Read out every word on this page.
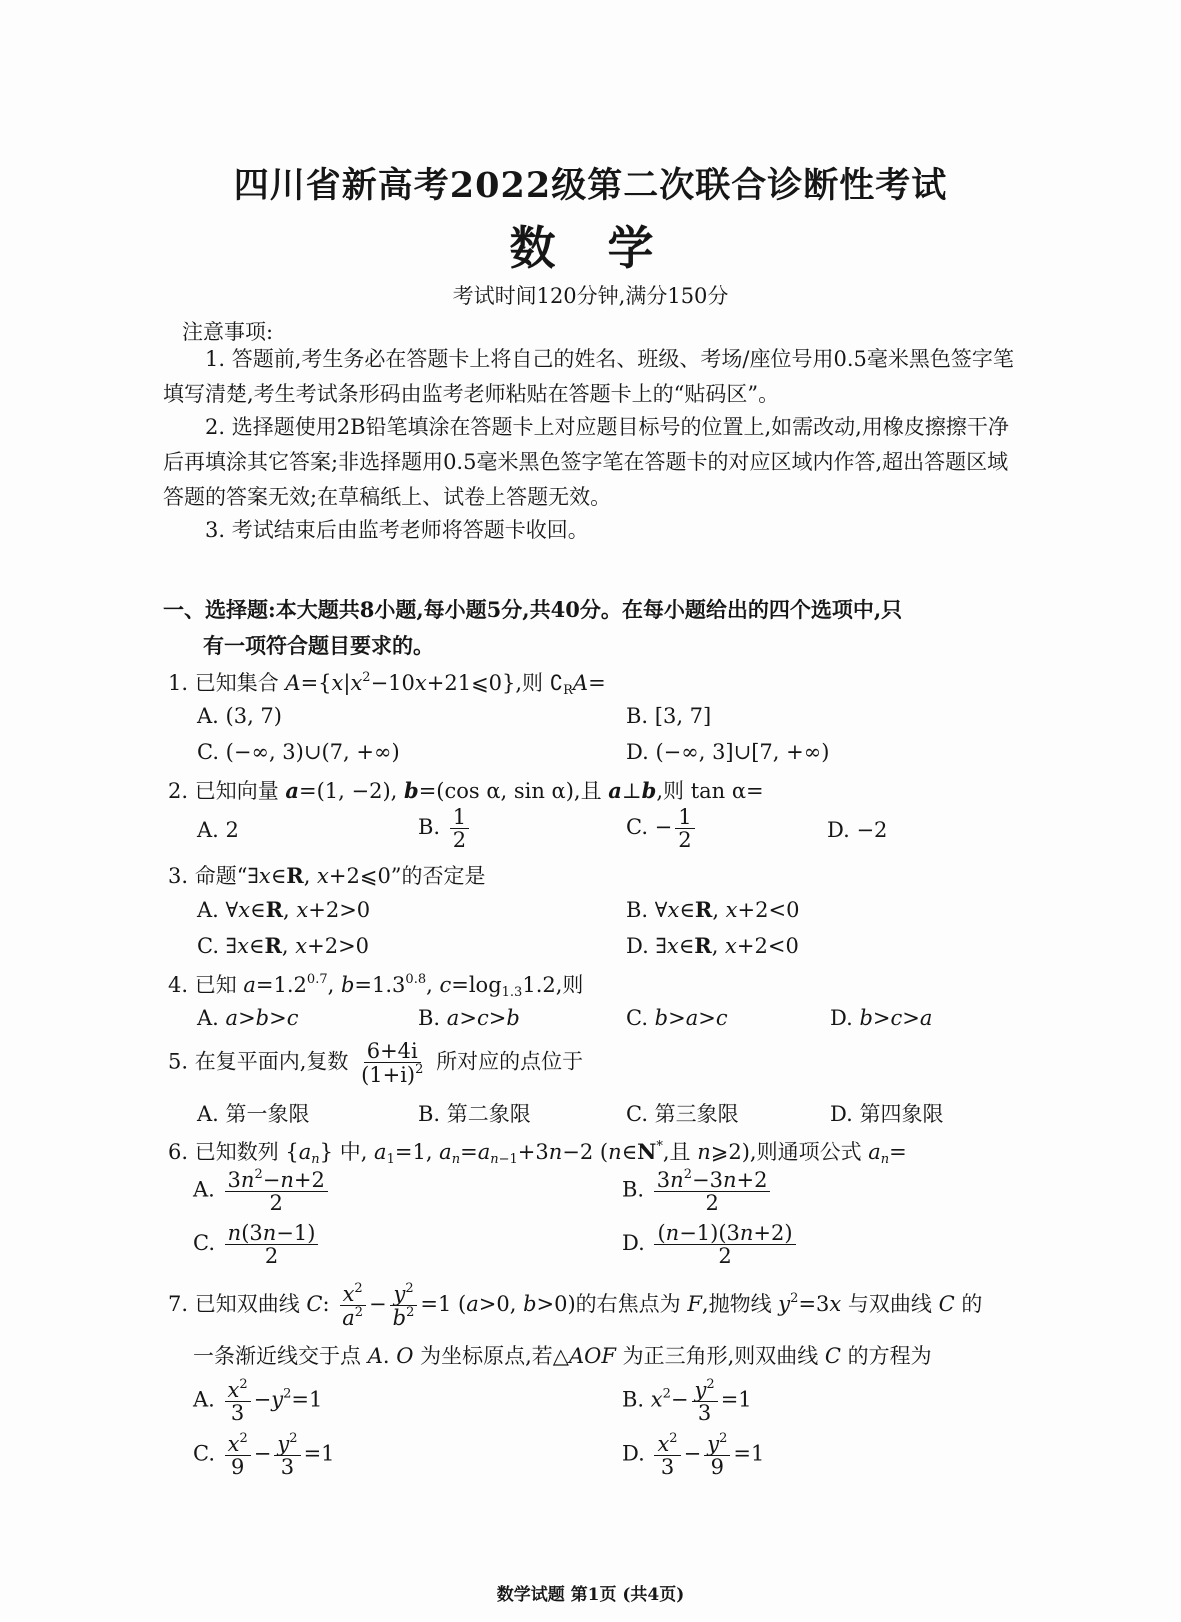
四川省新高考2022级第二次联合诊断性考试
数 学
考试时间120分钟,满分150分
注意事项:
1. 答题前,考生务必在答题卡上将自己的姓名、班级、考场/座位号用0.5毫米黑色签字笔填写清楚,考生考试条形码由监考老师粘贴在答题卡上的“贴码区”。
2. 选择题使用2B铅笔填涂在答题卡上对应题目标号的位置上,如需改动,用橡皮擦擦干净后再填涂其它答案;非选择题用0.5毫米黑色签字笔在答题卡的对应区域内作答,超出答题区域答题的答案无效;在草稿纸上、试卷上答题无效。
3. 考试结束后由监考老师将答题卡收回。
一、选择题:本大题共8小题,每小题5分,共40分。在每小题给出的四个选项中,只
有一项符合题目要求的。
1. 已知集合 $A=\{x|x^2-10x+21⩽0\}$,则 $∁_RA=$
A. (3, 7)	B. [3, 7]
C. (−∞, 3)∪(7, +∞)	D. (−∞, 3]∪[7, +∞)
2. 已知向量 a=(1, −2), b=(cos α, sin α),且 a⊥b,则 tan α=
A. 2	B. $\frac{1}{2}$	C. − $\frac{1}{2}$	D. −2
3. 命题“∃x∈R, x+2⩽0”的否定是
A. ∀x∈R, x+2>0	B. ∀x∈R, x+2<0
C. ∃x∈R, x+2>0	D. ∃x∈R, x+2<0
4. 已知 $a=1.2^{0.7}$, $b=1.3^{0.8}$, $c=\log_{1.3}1.2$,则
A. a>b>c	B. a>c>b	C. b>a>c	D. b>c>a
5. 在复平面内,复数 $\frac{6+4i}{(1+i)^2}$ 所对应的点位于
A. 第一象限	B. 第二象限	C. 第三象限	D. 第四象限
6. 已知数列 $\{a_n\}$ 中, $a_1=1$, $a_n=a_{n-1}+3n-2$ (n∈N*,且 n⩾2),则通项公式 $a_n=$
A. $\frac{3n^2-n+2}{2}$	B. $\frac{3n^2-3n+2}{2}$
C. $\frac{n(3n-1)}{2}$	D. $\frac{(n-1)(3n+2)}{2}$
7. 已知双曲线 C: $\frac{x^2}{a^2} - \frac{y^2}{b^2} =1$ (a>0, b>0)的右焦点为 F,抛物线 $y^2=3x$ 与双曲线 C 的
一条渐近线交于点 A. O 为坐标原点,若△AOF 为正三角形,则双曲线 C 的方程为
A. $\frac{x^2}{3} -y^2=1$	B. $x^2- \frac{y^2}{3} =1$
C. $\frac{x^2}{9} - \frac{y^2}{3} =1$	D. $\frac{x^2}{3} - \frac{y^2}{9} =1$
数学试题 第1页 (共4页)
